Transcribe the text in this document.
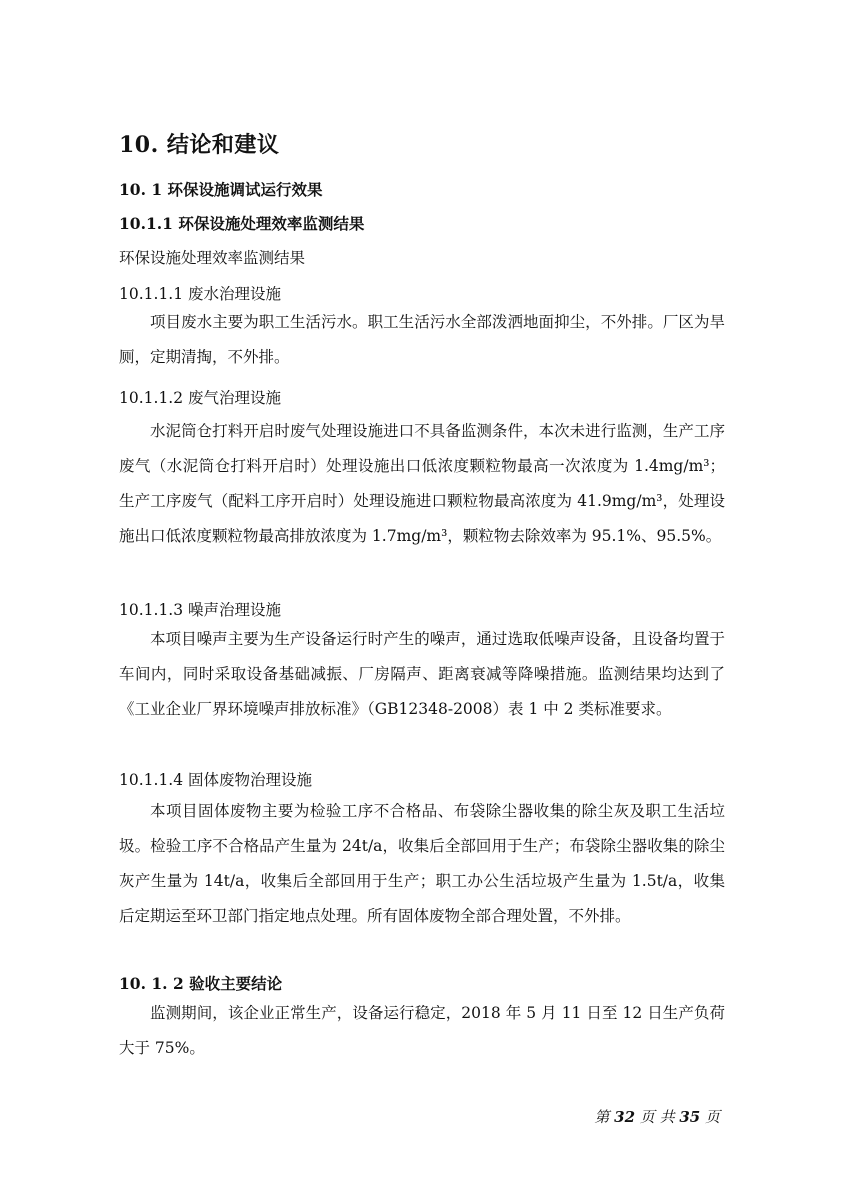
10. 结论和建议
10. 1 环保设施调试运行效果
10.1.1 环保设施处理效率监测结果
环保设施处理效率监测结果
10.1.1.1 废水治理设施

项目废水主要为职工生活污水。职工生活污水全部泼洒地面抑尘，不外排。厂区为旱厕，定期清掏，不外排。

10.1.1.2 废气治理设施

水泥筒仓打料开启时废气处理设施进口不具备监测条件，本次未进行监测，生产工序废气（水泥筒仓打料开启时）处理设施出口低浓度颗粒物最高一次浓度为 1.4mg/m³；生产工序废气（配料工序开启时）处理设施进口颗粒物最高浓度为 41.9mg/m³，处理设施出口低浓度颗粒物最高排放浓度为 1.7mg/m³，颗粒物去除效率为 95.1%、95.5%。

10.1.1.3 噪声治理设施

本项目噪声主要为生产设备运行时产生的噪声，通过选取低噪声设备，且设备均置于车间内，同时采取设备基础减振、厂房隔声、距离衰减等降噪措施。监测结果均达到了《工业企业厂界环境噪声排放标准》（GB12348-2008）表 1 中 2 类标准要求。

10.1.1.4 固体废物治理设施

本项目固体废物主要为检验工序不合格品、布袋除尘器收集的除尘灰及职工生活垃圾。检验工序不合格品产生量为 24t/a，收集后全部回用于生产；布袋除尘器收集的除尘灰产生量为 14t/a，收集后全部回用于生产；职工办公生活垃圾产生量为 1.5t/a，收集后定期运至环卫部门指定地点处理。所有固体废物全部合理处置，不外排。

10. 1. 2 验收主要结论

监测期间，该企业正常生产，设备运行稳定，2018 年 5 月 11 日至 12 日生产负荷大于 75%。

第 32 页 共 35 页
